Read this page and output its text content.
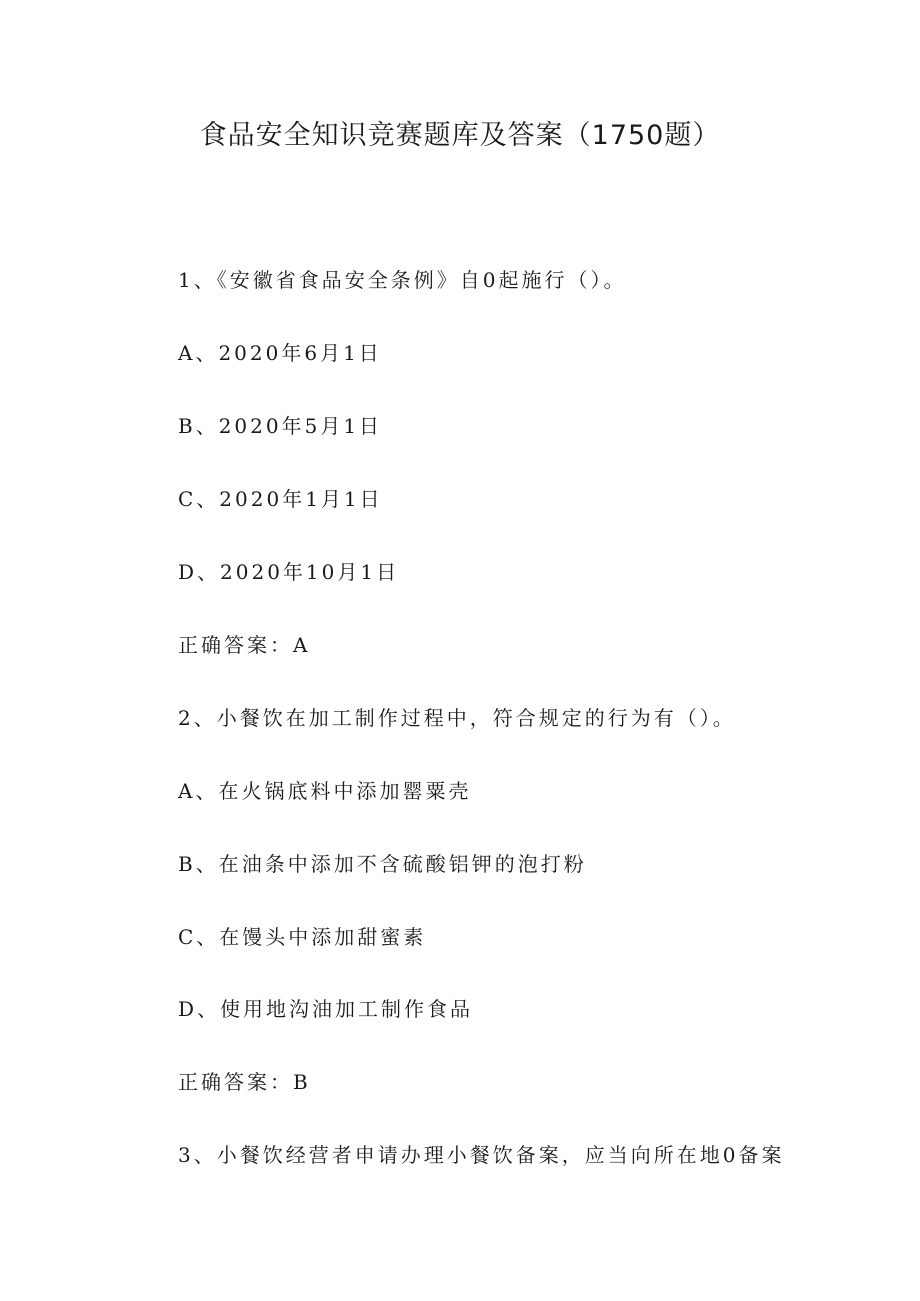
食品安全知识竞赛题库及答案（1750题）

1、《安徽省食品安全条例》自0起施行（）。

A、2020年6月1日

B、2020年5月1日

C、2020年1月1日

D、2020年10月1日

正确答案：A

2、小餐饮在加工制作过程中，符合规定的行为有（）。

A、在火锅底料中添加罂粟壳

B、在油条中添加不含硫酸铝钾的泡打粉

C、在馒头中添加甜蜜素

D、使用地沟油加工制作食品

正确答案：B

3、小餐饮经营者申请办理小餐饮备案，应当向所在地0备案
